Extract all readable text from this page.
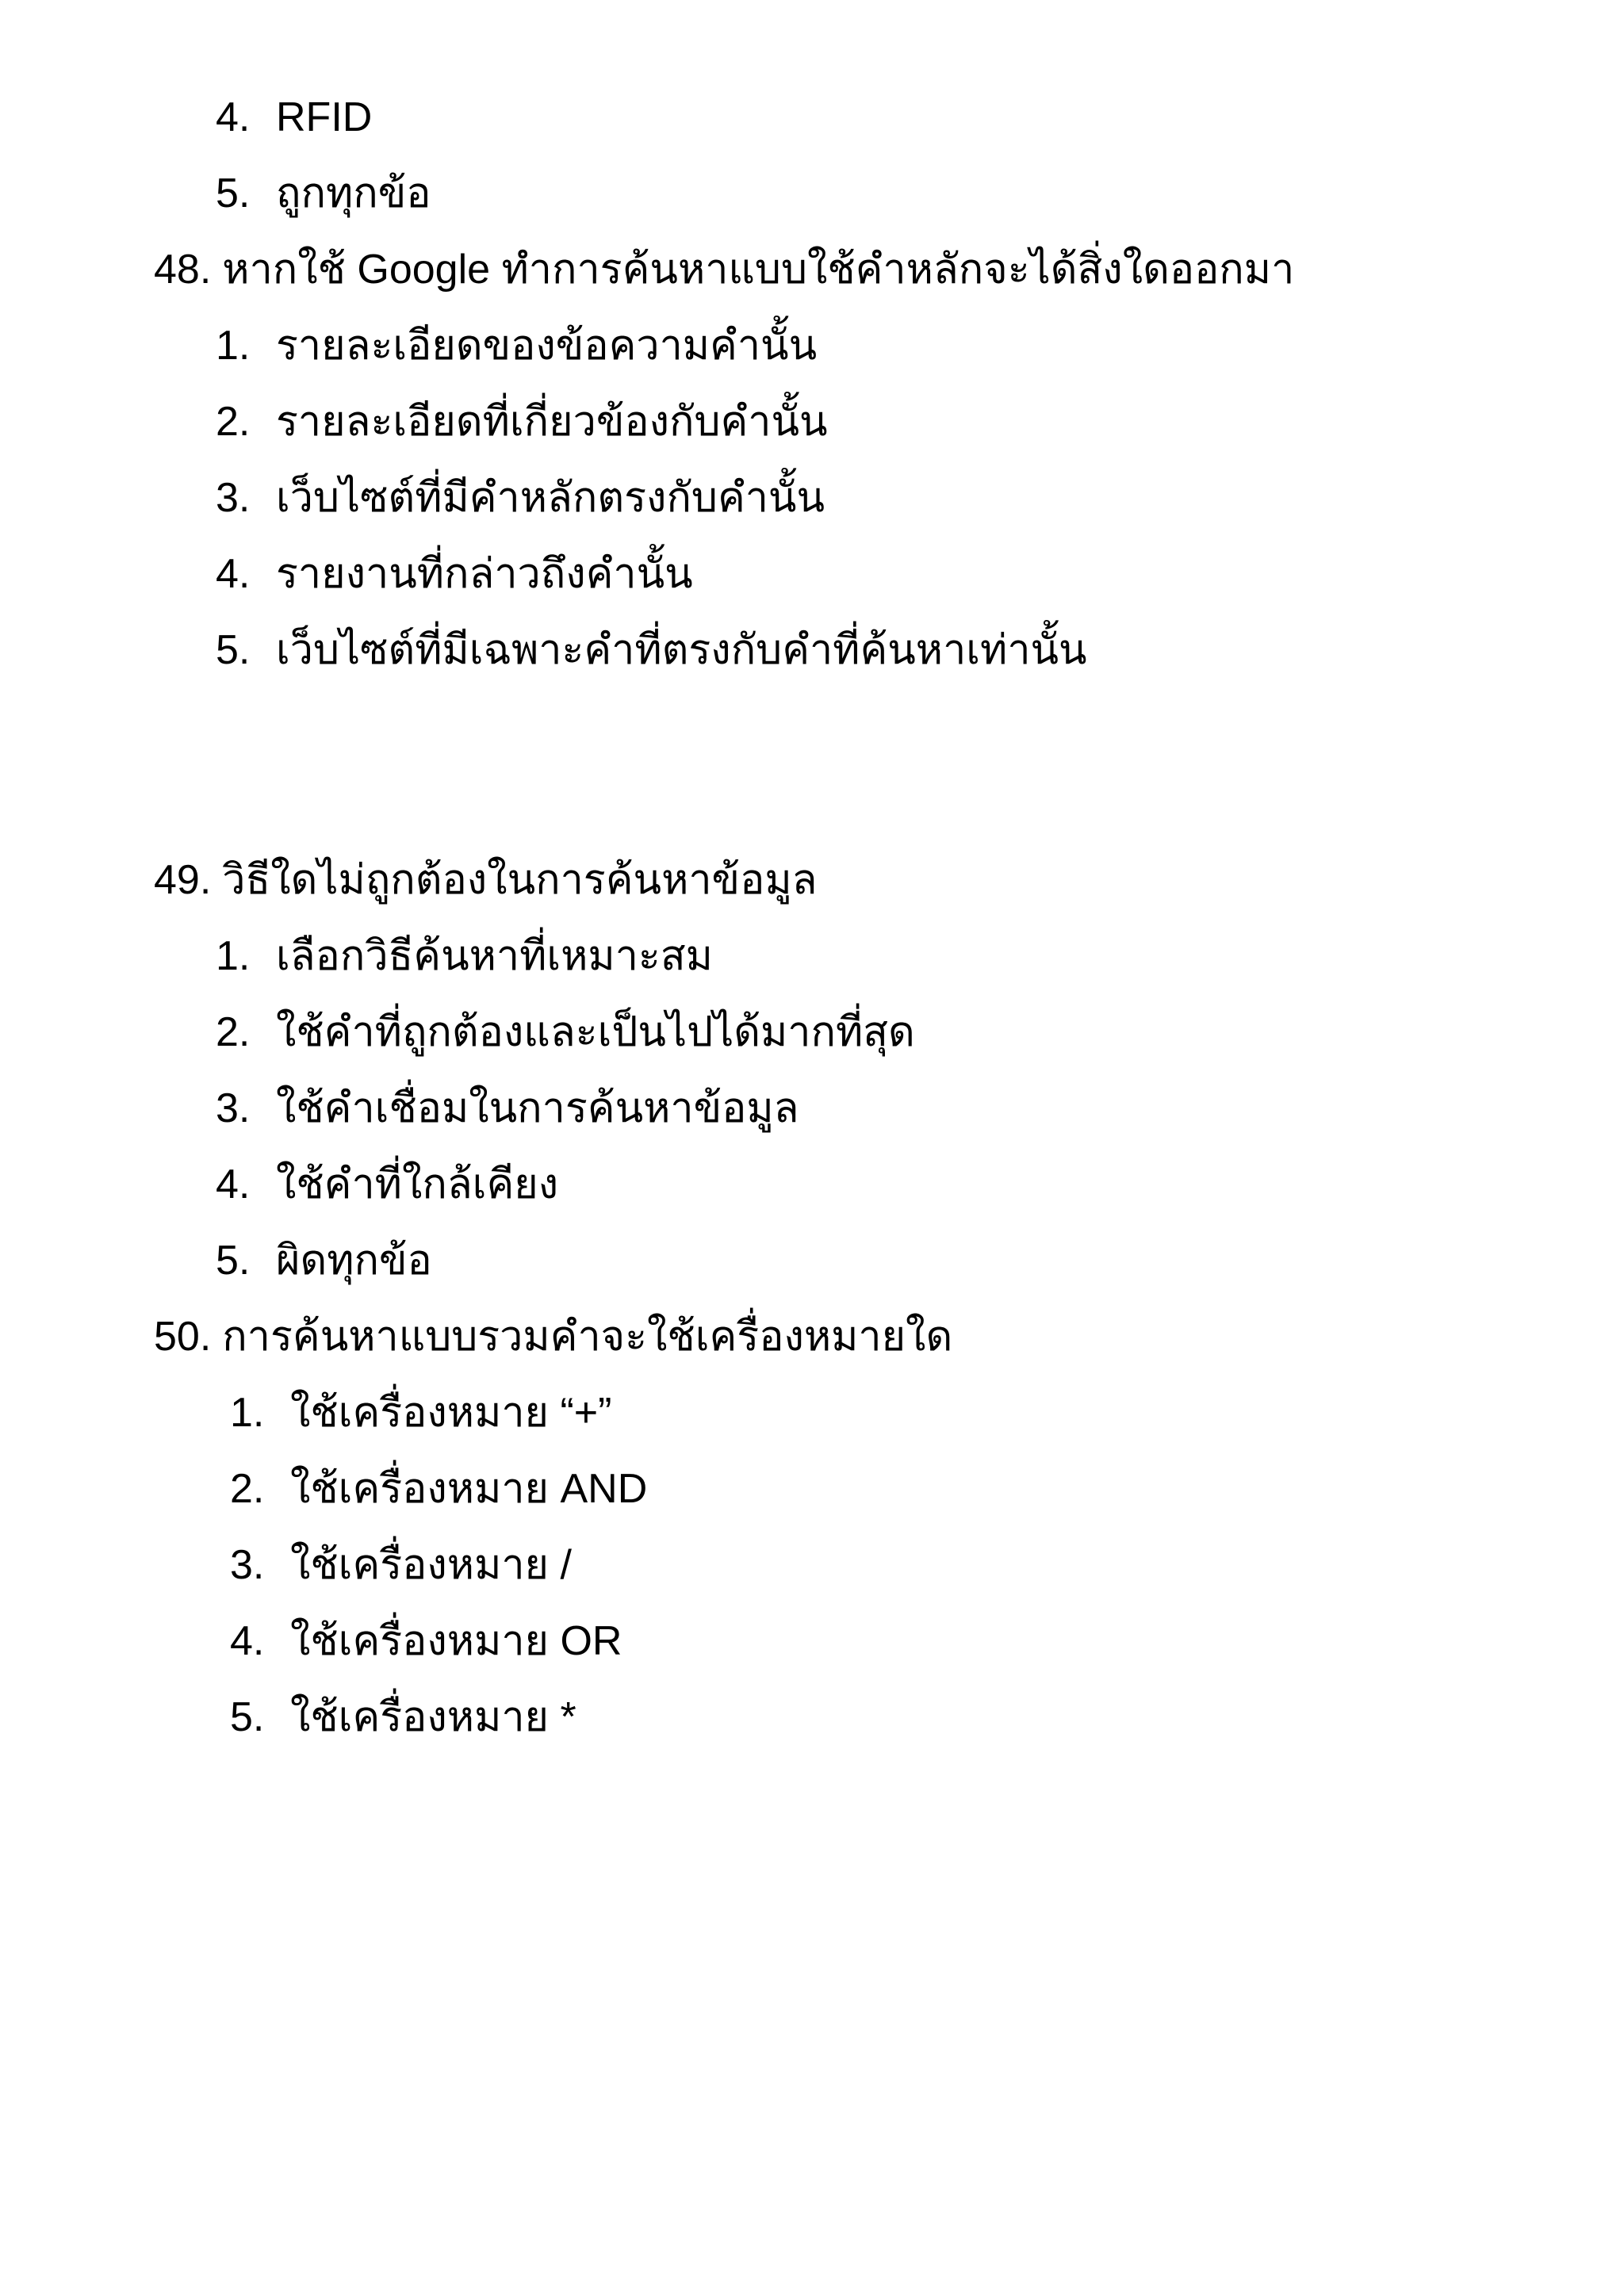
4. RFID
5. ถูกทุกข้อ
48. หากใช้ Google ทำการค้นหาแบบใช้คำหลักจะได้สิ่งใดออกมา
1. รายละเอียดของข้อความคำนั้น
2. รายละเอียดที่เกี่ยวข้องกับคำนั้น
3. เว็บไซต์ที่มีคำหลักตรงกับคำนั้น
4. รายงานที่กล่าวถึงคำนั้น
5. เว็บไซต์ที่มีเฉพาะคำที่ตรงกับคำที่ค้นหาเท่านั้น
49. วิธีใดไม่ถูกต้องในการค้นหาข้อมูล
1. เลือกวิธีค้นหาที่เหมาะสม
2. ใช้คำที่ถูกต้องและเป็นไปได้มากที่สุด
3. ใช้คำเชื่อมในการค้นหาข้อมูล
4. ใช้คำที่ใกล้เคียง
5. ผิดทุกข้อ
50. การค้นหาแบบรวมคำจะใช้เครื่องหมายใด
1. ใช้เครื่องหมาย “+”
2. ใช้เครื่องหมาย AND
3. ใช้เครื่องหมาย /
4. ใช้เครื่องหมาย OR
5. ใช้เครื่องหมาย *
